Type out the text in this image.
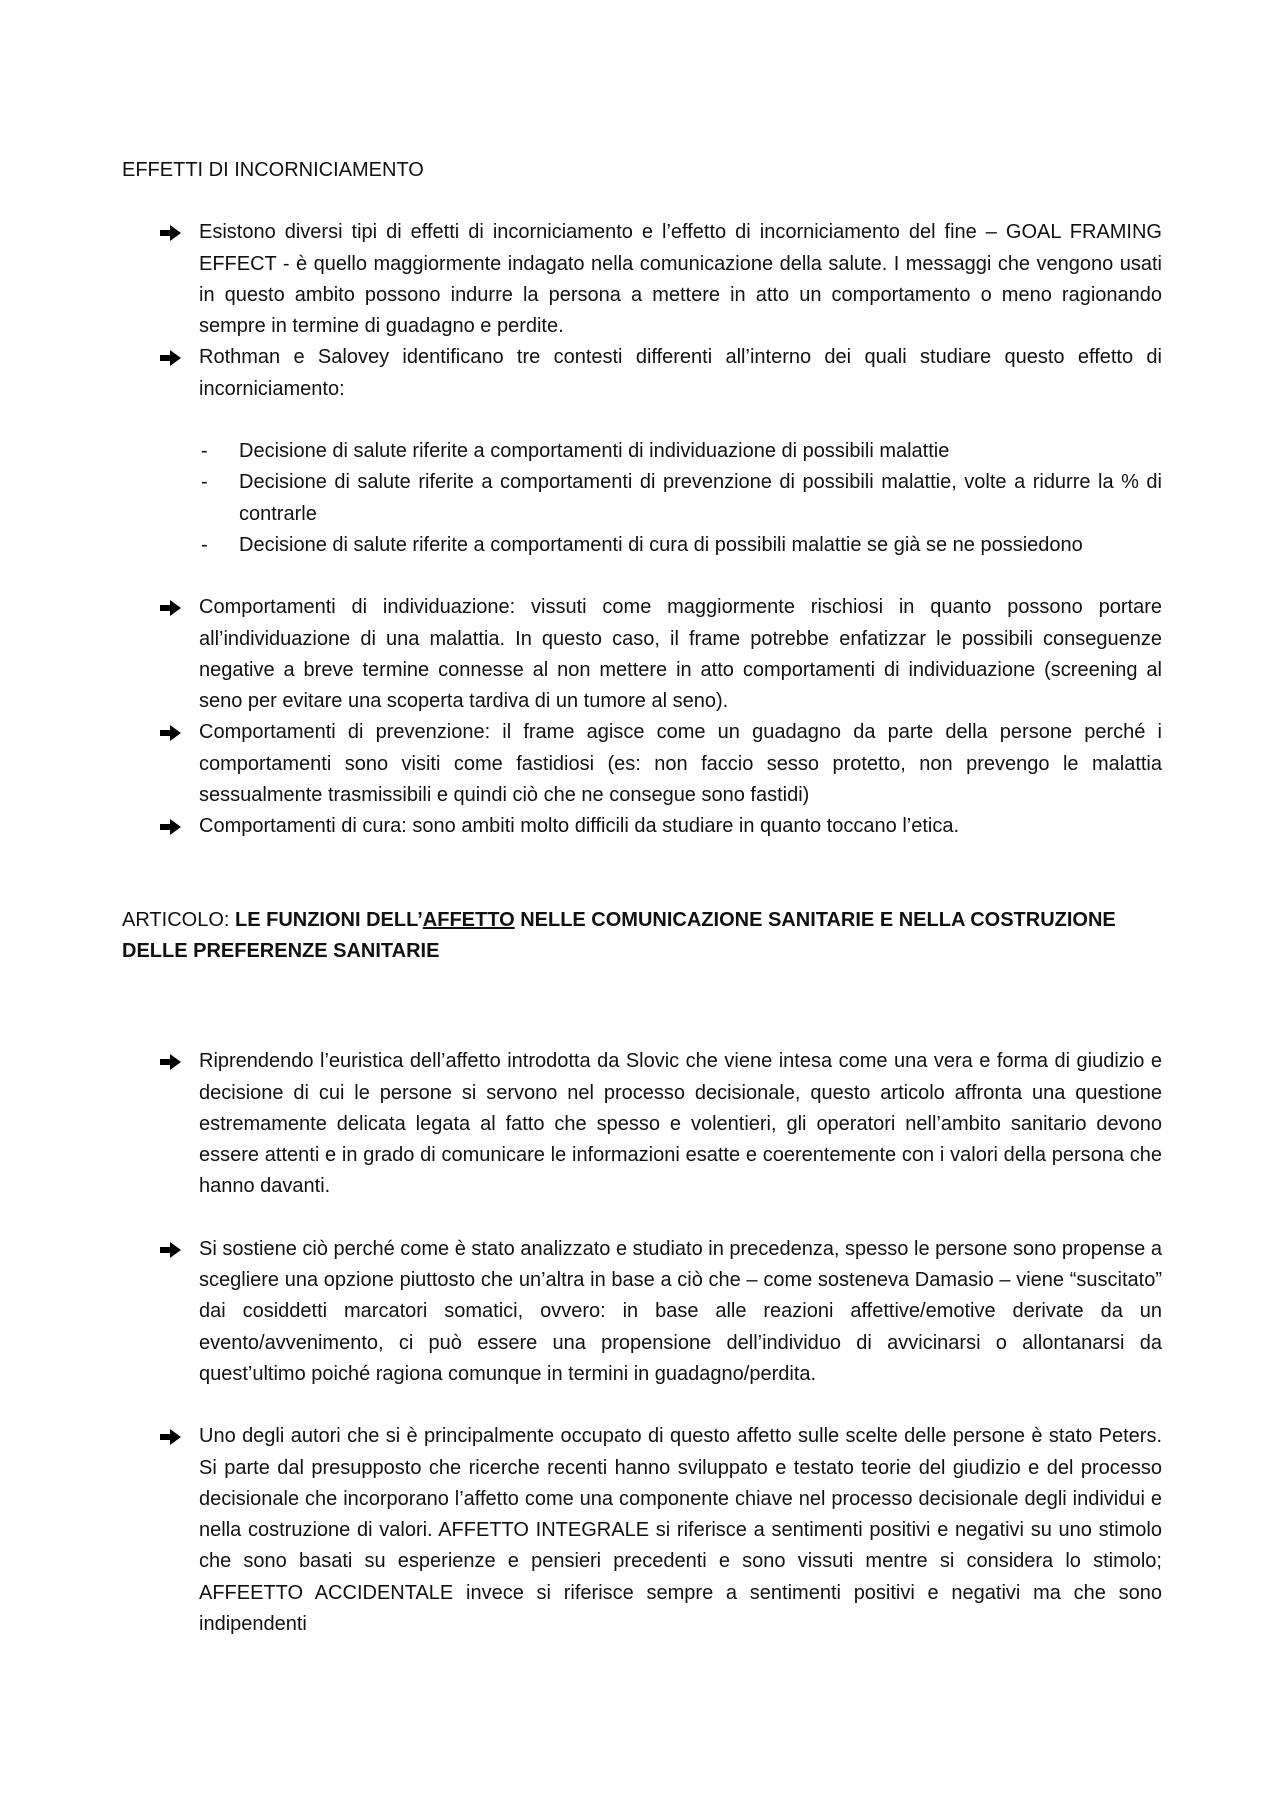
EFFETTI DI INCORNICIAMENTO

Esistono diversi tipi di effetti di incorniciamento e l’effetto di incorniciamento del fine – GOAL FRAMING EFFECT - è quello maggiormente indagato nella comunicazione della salute. I messaggi che vengono usati in questo ambito possono indurre la persona a mettere in atto un comportamento o meno ragionando sempre in termine di guadagno e perdite.
Rothman e Salovey identificano tre contesti differenti all’interno dei quali studiare questo effetto di incorniciamento:
- Decisione di salute riferite a comportamenti di individuazione di possibili malattie
- Decisione di salute riferite a comportamenti di prevenzione di possibili malattie, volte a ridurre la % di contrarle
- Decisione di salute riferite a comportamenti di cura di possibili malattie se già se ne possiedono
Comportamenti di individuazione: vissuti come maggiormente rischiosi in quanto possono portare all’individuazione di una malattia. In questo caso, il frame potrebbe enfatizzar le possibili conseguenze negative a breve termine connesse al non mettere in atto comportamenti di individuazione (screening al seno per evitare una scoperta tardiva di un tumore al seno).
Comportamenti di prevenzione: il frame agisce come un guadagno da parte della persone perché i comportamenti sono visiti come fastidiosi (es: non faccio sesso protetto, non prevengo le malattia sessualmente trasmissibili e quindi ciò che ne consegue sono fastidi)
Comportamenti di cura: sono ambiti molto difficili da studiare in quanto toccano l’etica.

ARTICOLO: LE FUNZIONI DELL’AFFETTO NELLE COMUNICAZIONE SANITARIE E NELLA COSTRUZIONE DELLE PREFERENZE SANITARIE

Riprendendo l’euristica dell’affetto introdotta da Slovic che viene intesa come una vera e forma di giudizio e decisione di cui le persone si servono nel processo decisionale, questo articolo affronta una questione estremamente delicata legata al fatto che spesso e volentieri, gli operatori nell’ambito sanitario devono essere attenti e in grado di comunicare le informazioni esatte e coerentemente con i valori della persona che hanno davanti.
Si sostiene ciò perché come è stato analizzato e studiato in precedenza, spesso le persone sono propense a scegliere una opzione piuttosto che un’altra in base a ciò che – come sosteneva Damasio – viene “suscitato” dai cosiddetti marcatori somatici, ovvero: in base alle reazioni affettive/emotive derivate da un evento/avvenimento, ci può essere una propensione dell’individuo di avvicinarsi o allontanarsi da quest’ultimo poiché ragiona comunque in termini in guadagno/perdita.
Uno degli autori che si è principalmente occupato di questo affetto sulle scelte delle persone è stato Peters. Si parte dal presupposto che ricerche recenti hanno sviluppato e testato teorie del giudizio e del processo decisionale che incorporano l’affetto come una componente chiave nel processo decisionale degli individui e nella costruzione di valori. AFFETTO INTEGRALE si riferisce a sentimenti positivi e negativi su uno stimolo che sono basati su esperienze e pensieri precedenti e sono vissuti mentre si considera lo stimolo; AFFEETTO ACCIDENTALE invece si riferisce sempre a sentimenti positivi e negativi ma che sono indipendenti
